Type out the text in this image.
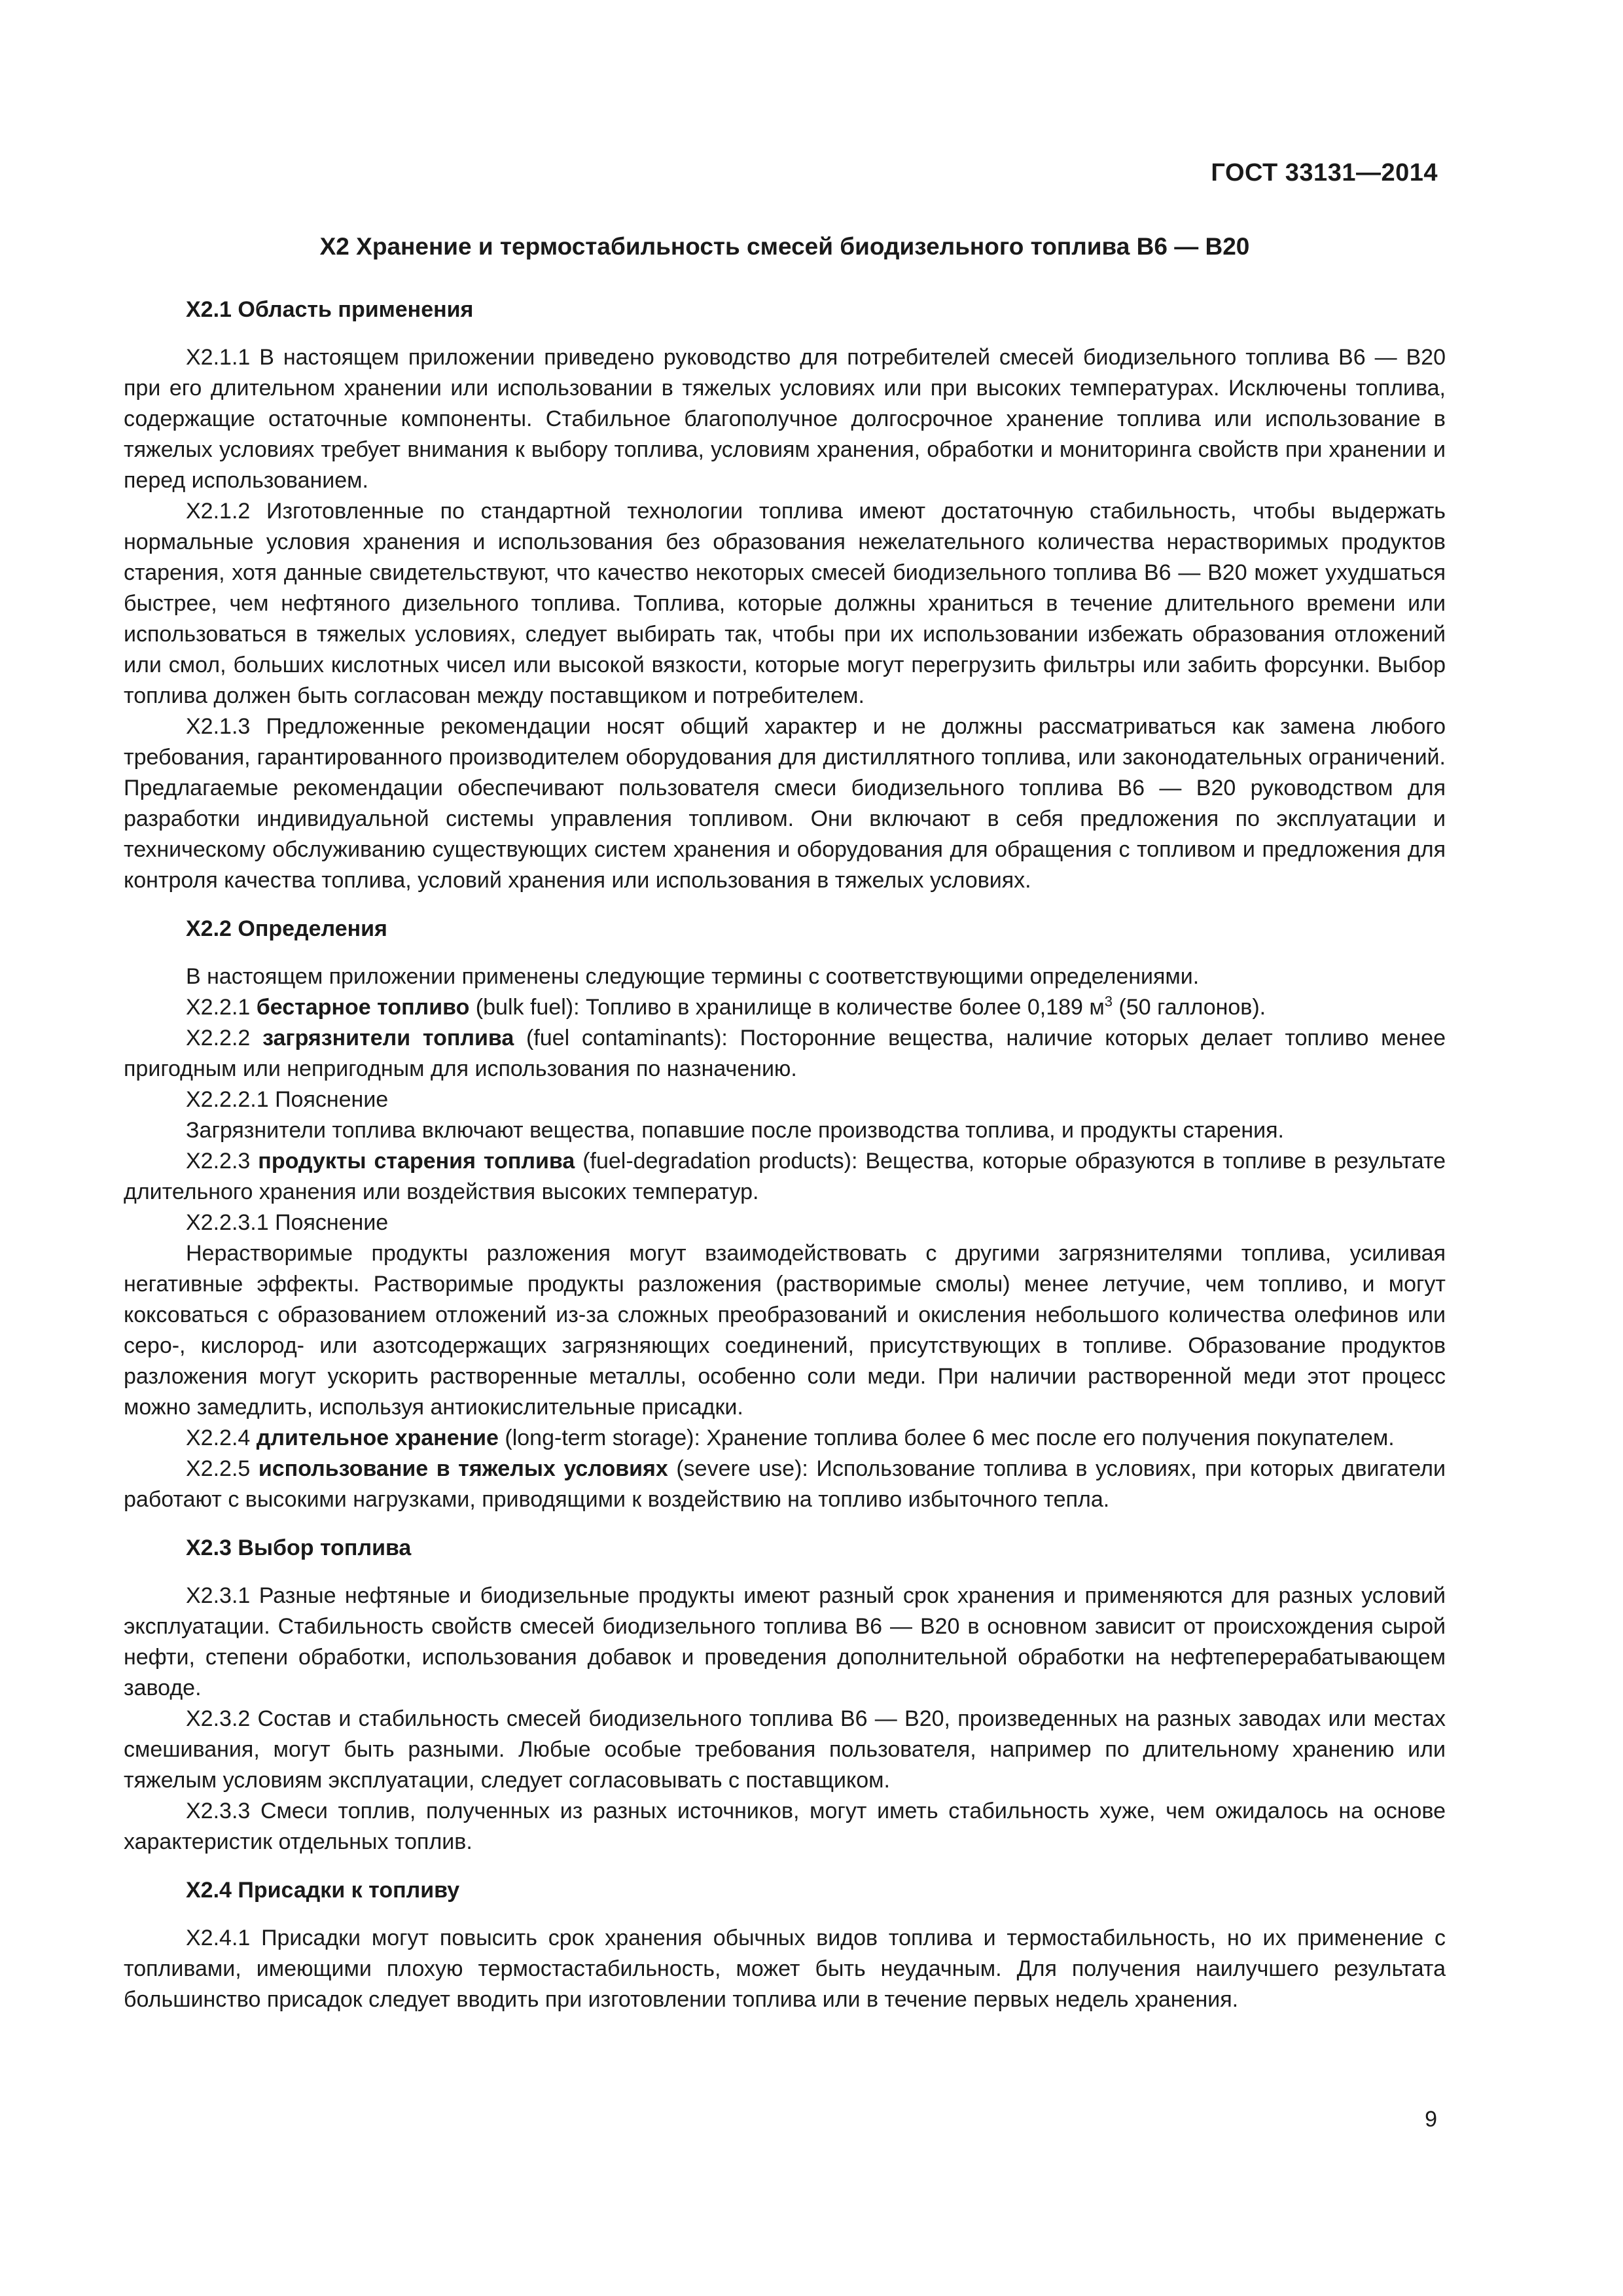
ГОСТ 33131—2014
X2 Хранение и термостабильность смесей биодизельного топлива В6 — В20
X2.1 Область применения

X2.1.1 В настоящем приложении приведено руководство для потребителей смесей биодизельного топлива В6 — В20 при его длительном хранении или использовании в тяжелых условиях или при высоких температурах. Исключены топлива, содержащие остаточные компоненты. Стабильное благополучное долгосрочное хранение топлива или использование в тяжелых условиях требует внимания к выбору топлива, условиям хранения, обработки и мониторинга свойств при хранении и перед использованием.

X2.1.2 Изготовленные по стандартной технологии топлива имеют достаточную стабильность, чтобы выдержать нормальные условия хранения и использования без образования нежелательного количества нерастворимых продуктов старения, хотя данные свидетельствуют, что качество некоторых смесей биодизельного топлива В6 — В20 может ухудшаться быстрее, чем нефтяного дизельного топлива. Топлива, которые должны храниться в течение длительного времени или использоваться в тяжелых условиях, следует выбирать так, чтобы при их использовании избежать образования отложений или смол, больших кислотных чисел или высокой вязкости, которые могут перегрузить фильтры или забить форсунки. Выбор топлива должен быть согласован между поставщиком и потребителем.

X2.1.3 Предложенные рекомендации носят общий характер и не должны рассматриваться как замена любого требования, гарантированного производителем оборудования для дистиллятного топлива, или законодательных ограничений. Предлагаемые рекомендации обеспечивают пользователя смеси биодизельного топлива В6 — В20 руководством для разработки индивидуальной системы управления топливом. Они включают в себя предложения по эксплуатации и техническому обслуживанию существующих систем хранения и оборудования для обращения с топливом и предложения для контроля качества топлива, условий хранения или использования в тяжелых условиях.

X2.2 Определения

В настоящем приложении применены следующие термины с соответствующими определениями.

X2.2.1 бестарное топливо (bulk fuel): Топливо в хранилище в количестве более 0,189 $м^3$ (50 галлонов).

X2.2.2 загрязнители топлива (fuel contaminants): Посторонние вещества, наличие которых делает топливо менее пригодным или непригодным для использования по назначению.

X2.2.2.1 Пояснение

Загрязнители топлива включают вещества, попавшие после производства топлива, и продукты старения.

X2.2.3 продукты старения топлива (fuel-degradation products): Вещества, которые образуются в топливе в результате длительного хранения или воздействия высоких температур.

X2.2.3.1 Пояснение

Нерастворимые продукты разложения могут взаимодействовать с другими загрязнителями топлива, усиливая негативные эффекты. Растворимые продукты разложения (растворимые смолы) менее летучие, чем топливо, и могут коксоваться с образованием отложений из-за сложных преобразований и окисления небольшого количества олефинов или серо-, кислород- или азотсодержащих загрязняющих соединений, присутствующих в топливе. Образование продуктов разложения могут ускорить растворенные металлы, особенно соли меди. При наличии растворенной меди этот процесс можно замедлить, используя антиокислительные присадки.

X2.2.4 длительное хранение (long-term storage): Хранение топлива более 6 мес после его получения покупателем.

X2.2.5 использование в тяжелых условиях (severe use): Использование топлива в условиях, при которых двигатели работают с высокими нагрузками, приводящими к воздействию на топливо избыточного тепла.

X2.3 Выбор топлива

X2.3.1 Разные нефтяные и биодизельные продукты имеют разный срок хранения и применяются для разных условий эксплуатации. Стабильность свойств смесей биодизельного топлива В6 — В20 в основном зависит от происхождения сырой нефти, степени обработки, использования добавок и проведения дополнительной обработки на нефтеперерабатывающем заводе.

X2.3.2 Состав и стабильность смесей биодизельного топлива В6 — В20, произведенных на разных заводах или местах смешивания, могут быть разными. Любые особые требования пользователя, например по длительному хранению или тяжелым условиям эксплуатации, следует согласовывать с поставщиком.

X2.3.3 Смеси топлив, полученных из разных источников, могут иметь стабильность хуже, чем ожидалось на основе характеристик отдельных топлив.

X2.4 Присадки к топливу

X2.4.1 Присадки могут повысить срок хранения обычных видов топлива и термостабильность, но их применение с топливами, имеющими плохую термостастабильность, может быть неудачным. Для получения наилучшего результата большинство присадок следует вводить при изготовлении топлива или в течение первых недель хранения.

9
